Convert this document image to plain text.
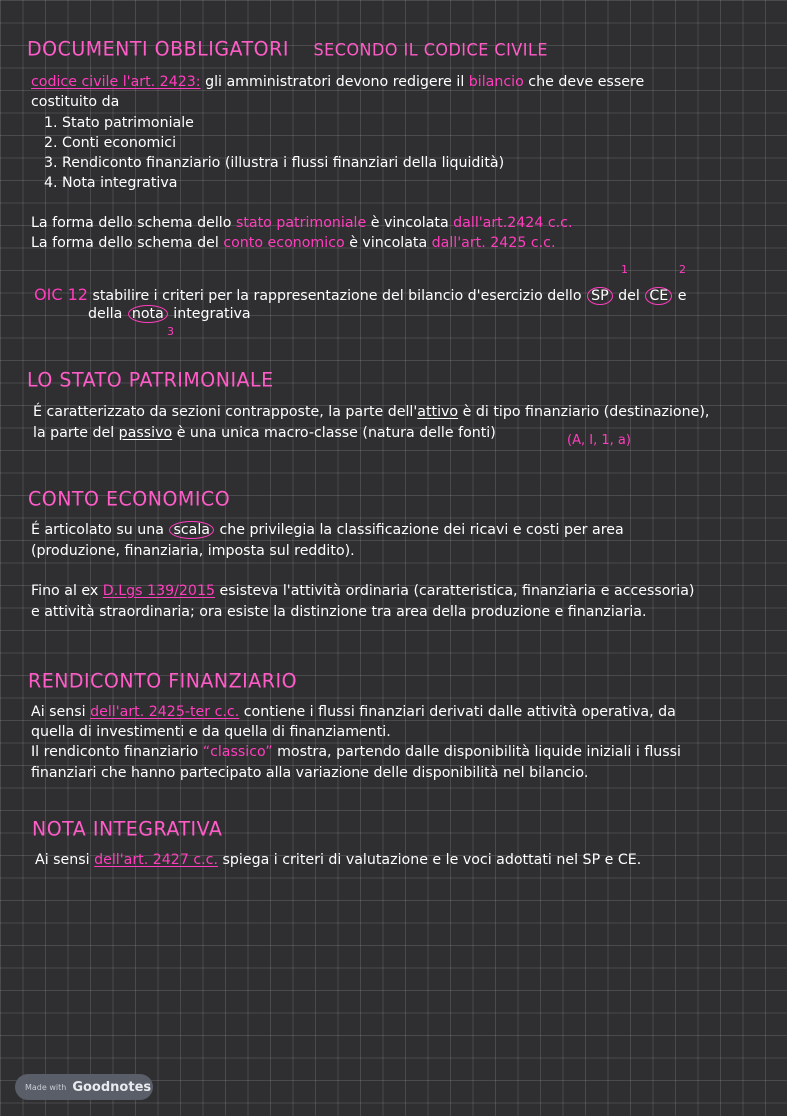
DOCUMENTI OBBLIGATORI SECONDO IL CODICE CIVILE
codice civile l'art. 2423: gli amministratori devono redigere il bilancio che deve essere
costituito da
1. Stato patrimoniale
2. Conti economici
3. Rendiconto finanziario (illustra i flussi finanziari della liquidità)
4. Nota integrativa
La forma dello schema dello stato patrimoniale è vincolata dall'art.2424 c.c.
La forma dello schema del conto economico è vincolata dall'art. 2425 c.c.
1	2
OIC 12 stabilire i criteri per la rappresentazione del bilancio d'esercizio dello SP del CE e
della nota integrativa
3
LO STATO PATRIMONIALE
É caratterizzato da sezioni contrapposte, la parte dell'attivo è di tipo finanziario (destinazione),
la parte del passivo è una unica macro-classe (natura delle fonti)	(A, I, 1, a)
CONTO ECONOMICO
É articolato su una scala che privilegia la classificazione dei ricavi e costi per area
(produzione, finanziaria, imposta sul reddito).
Fino al ex D.Lgs 139/2015 esisteva l'attività ordinaria (caratteristica, finanziaria e accessoria)
e attività straordinaria; ora esiste la distinzione tra area della produzione e finanziaria.
RENDICONTO FINANZIARIO
Ai sensi dell'art. 2425-ter c.c. contiene i flussi finanziari derivati dalle attività operativa, da
quella di investimenti e da quella di finanziamenti.
Il rendiconto finanziario “classico” mostra, partendo dalle disponibilità liquide iniziali i flussi
finanziari che hanno partecipato alla variazione delle disponibilità nel bilancio.
NOTA INTEGRATIVA
Ai sensi dell'art. 2427 c.c. spiega i criteri di valutazione e le voci adottati nel SP e CE.
Made with Goodnotes
